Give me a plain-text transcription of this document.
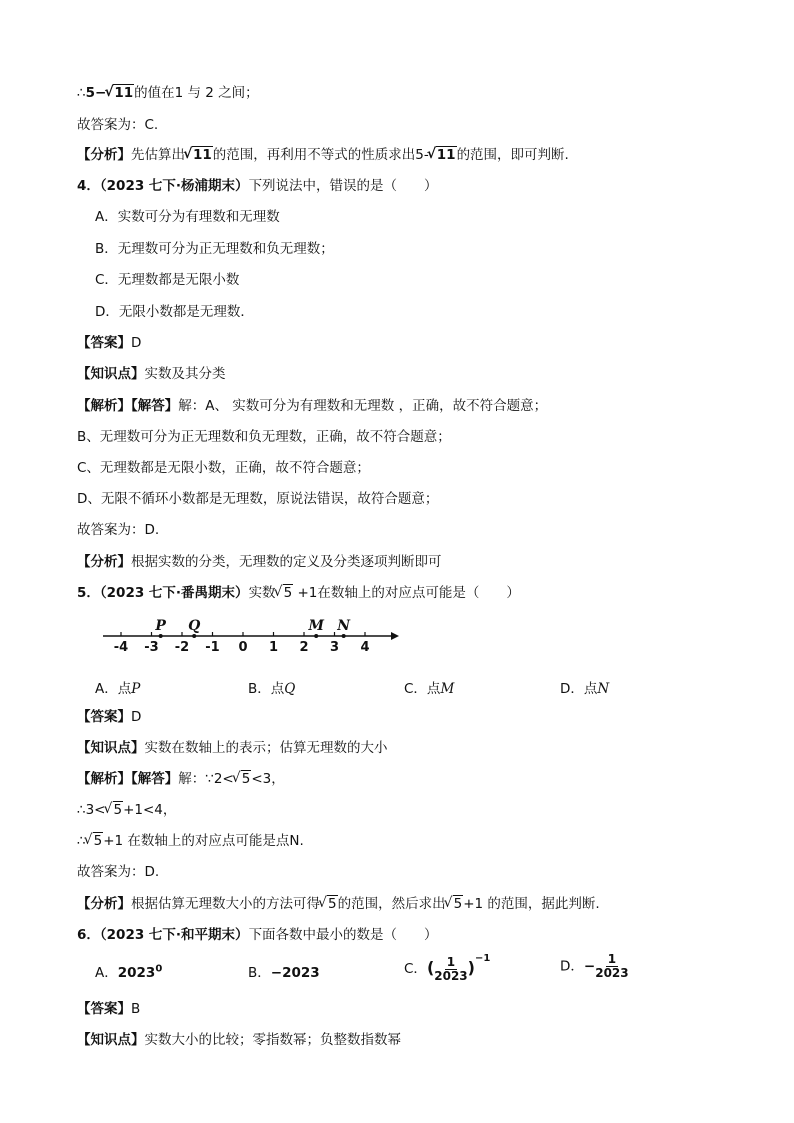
∴5− √ 11的值在1 与 2 之间；
故答案为：C.
【分析】先估算出 √ 11的范围，再利用不等式的性质求出5- √ 11的范围，即可判断.
4．（2023 七下·杨浦期末）下列说法中，错误的是（　　）
A．实数可分为有理数和无理数
B．无理数可分为正无理数和负无理数；
C．无理数都是无限小数
D．无限小数都是无理数．
【答案】D
【知识点】实数及其分类
【解析】【解答】解：A、 实数可分为有理数和无理数 ，正确，故不符合题意；
B、无理数可分为正无理数和负无理数，正确，故不符合题意；
C、无理数都是无限小数，正确，故不符合题意；
D、无限不循环小数都是无理数，原说法错误，故符合题意；
故答案为：D.
【分析】根据实数的分类，无理数的定义及分类逐项判断即可
5．（2023 七下·番禺期末）实数 √ 5 +1在数轴上的对应点可能是（　　）
-4 -3 -2 -1 0 1 2 3 4
P Q	M N
A．点P	B．点Q	C．点M	D．点N
【答案】D
【知识点】实数在数轴上的表示；估算无理数的大小
【解析】【解答】解：∵2< √ 5<3，
∴3< √ 5+1<4，
∴ √ 5+1 在数轴上的对应点可能是点N.
故答案为：D.
【分析】根据估算无理数大小的方法可得 √ 5的范围，然后求出 √ 5+1 的范围，据此判断.
6．（2023 七下·和平期末）下面各数中最小的数是（　　）
A．2023$^0$	B．−2023	C．( $\frac{1}{2023} )^{-1}$	D．− $\frac{1}{2023}$
【答案】B
【知识点】实数大小的比较；零指数幂；负整数指数幂
